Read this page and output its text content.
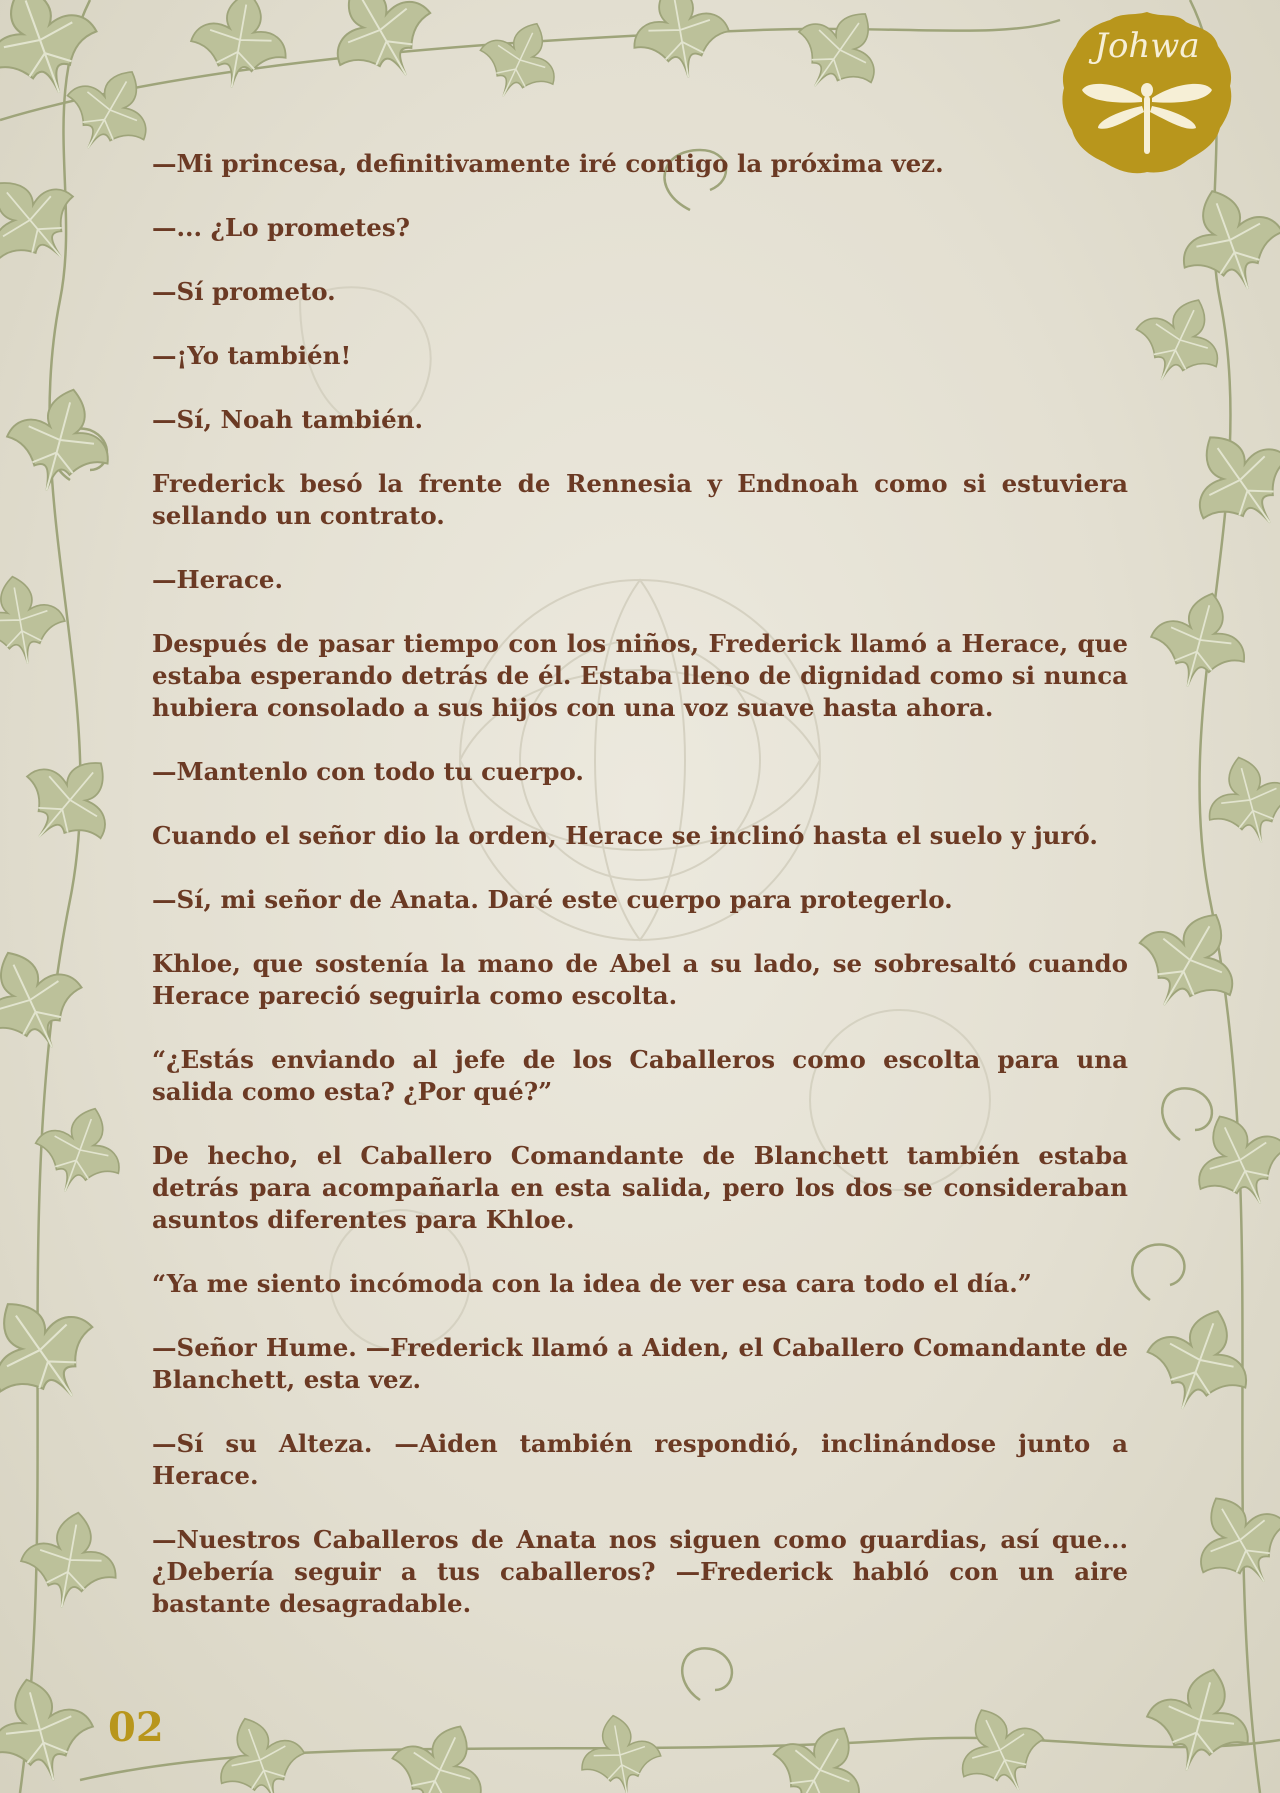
Johwa

—Mi princesa, definitivamente iré contigo la próxima vez.

—... ¿Lo prometes?

—Sí prometo.

—¡Yo también!

—Sí, Noah también.

Frederick besó la frente de Rennesia y Endnoah como si estuviera sellando un contrato.

—Herace.

Después de pasar tiempo con los niños, Frederick llamó a Herace, que estaba esperando detrás de él. Estaba lleno de dignidad como si nunca hubiera consolado a sus hijos con una voz suave hasta ahora.

—Mantenlo con todo tu cuerpo.

Cuando el señor dio la orden, Herace se inclinó hasta el suelo y juró.

—Sí, mi señor de Anata. Daré este cuerpo para protegerlo.

Khloe, que sostenía la mano de Abel a su lado, se sobresaltó cuando Herace pareció seguirla como escolta.

“¿Estás enviando al jefe de los Caballeros como escolta para una salida como esta? ¿Por qué?”

De hecho, el Caballero Comandante de Blanchett también estaba detrás para acompañarla en esta salida, pero los dos se consideraban asuntos diferentes para Khloe.

“Ya me siento incómoda con la idea de ver esa cara todo el día.”

—Señor Hume. —Frederick llamó a Aiden, el Caballero Comandante de Blanchett, esta vez.

—Sí su Alteza. —Aiden también respondió, inclinándose junto a Herace.

—Nuestros Caballeros de Anata nos siguen como guardias, así que... ¿Debería seguir a tus caballeros? —Frederick habló con un aire bastante desagradable.

02
